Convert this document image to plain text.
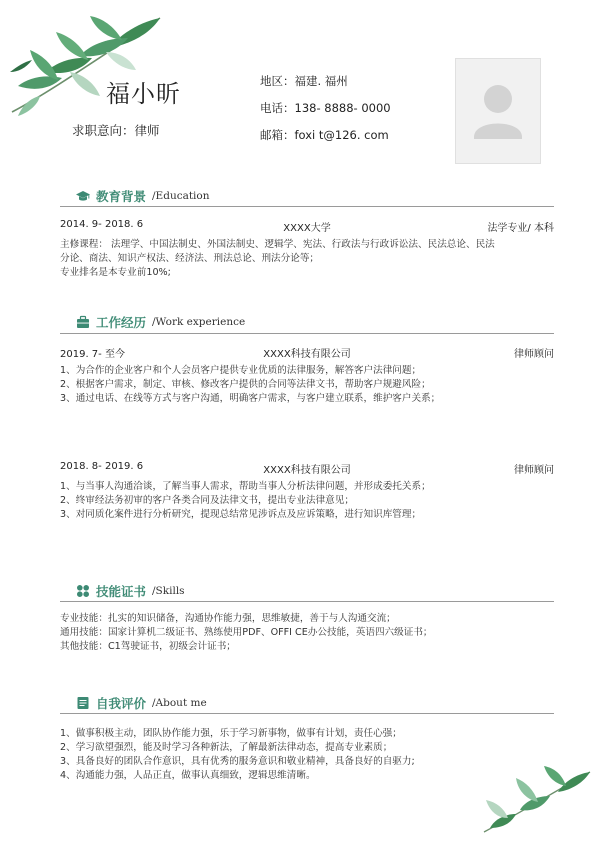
福小昕
求职意向：律师
地区：福建. 福州
电话：138- 8888- 0000
邮箱：foxi t@126. com
教育背景 /Education
2014. 9- 2018. 6	XXXX大学	法学专业/ 本科
主修课程： 法理学、中国法制史、外国法制史、逻辑学、宪法、行政法与行政诉讼法、民法总论、民法
分论、商法、知识产权法、经济法、刑法总论、刑法分论等；
专业排名是本专业前10%;
工作经历 /Work experience
2019. 7- 至今	XXXX科技有限公司	律师顾问
1、为合作的企业客户和个人会员客户提供专业优质的法律服务，解答客户法律问题；
2、根据客户需求，制定、审核、修改客户提供的合同等法律文书，帮助客户规避风险；
3、通过电话、在线等方式与客户沟通，明确客户需求，与客户建立联系，维护客户关系；
2018. 8- 2019. 6	XXXX科技有限公司	律师顾问
1、与当事人沟通洽谈，了解当事人需求，帮助当事人分析法律问题，并形成委托关系；
2、终审经法务初审的客户各类合同及法律文书，提出专业法律意见；
3、对同质化案件进行分析研究，提现总结常见涉诉点及应诉策略，进行知识库管理；
技能证书 /Skills
专业技能：扎实的知识储备，沟通协作能力强，思维敏捷，善于与人沟通交流；
通用技能：国家计算机二级证书、熟练使用PDF、OFFI CE办公技能，英语四六级证书；
其他技能：C1驾驶证书，初级会计证书；
自我评价 /About me
1、做事积极主动，团队协作能力强，乐于学习新事物，做事有计划，责任心强；
2、学习欲望强烈，能及时学习各种新法，了解最新法律动态，提高专业素质；
3、具备良好的团队合作意识，具有优秀的服务意识和敬业精神，具备良好的自驱力;
4、沟通能力强，人品正直，做事认真细致，逻辑思维清晰。
